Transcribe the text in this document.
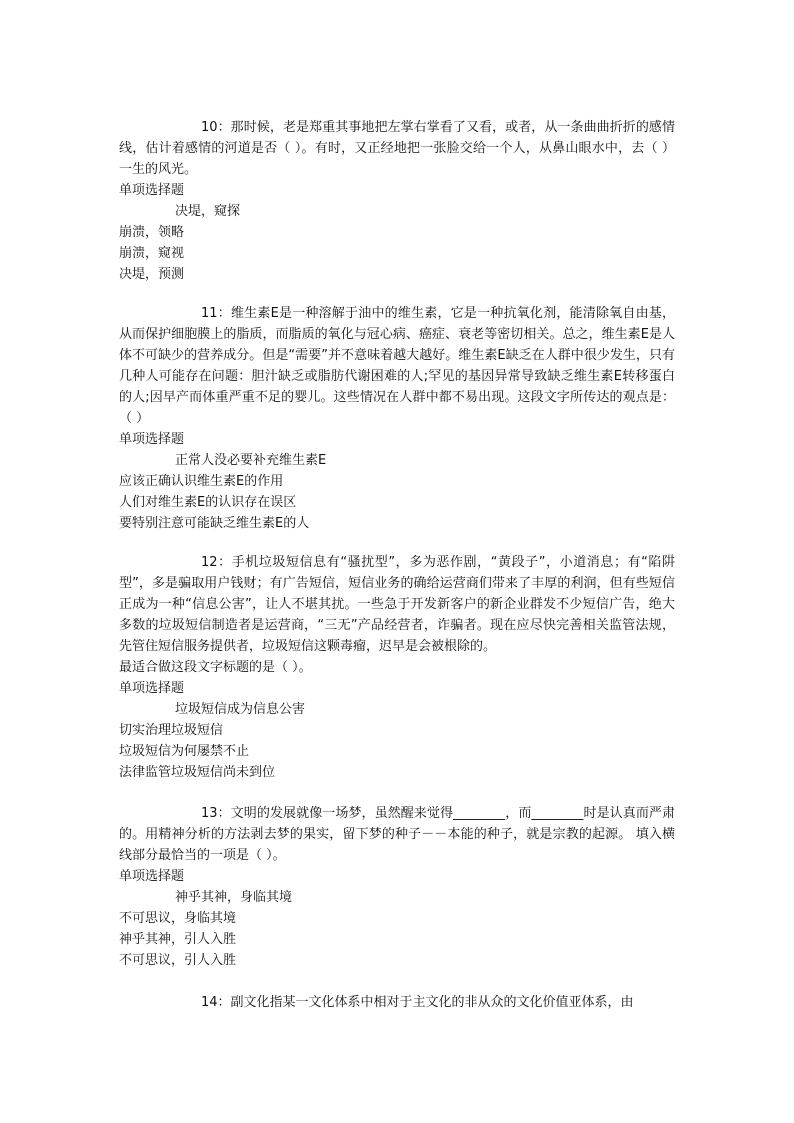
10：那时候，老是郑重其事地把左掌右掌看了又看，或者，从一条曲曲折折的感情线，估计着感情的河道是否（ ）。有时，又正经地把一张脸交给一个人，从鼻山眼水中，去（ ）一生的风光。

单项选择题

决堤，窥探

崩溃，领略

崩溃，窥视

决堤，预测

11：维生素E是一种溶解于油中的维生素，它是一种抗氧化剂，能清除氧自由基，从而保护细胞膜上的脂质，而脂质的氧化与冠心病、癌症、衰老等密切相关。总之，维生素E是人体不可缺少的营养成分。但是“需要”并不意味着越大越好。维生素E缺乏在人群中很少发生，只有几种人可能存在问题：胆汁缺乏或脂肪代谢困难的人;罕见的基因异常导致缺乏维生素E转移蛋白的人;因早产而体重严重不足的婴儿。这些情况在人群中都不易出现。这段文字所传达的观点是：（ ）

单项选择题

正常人没必要补充维生素E

应该正确认识维生素E的作用

人们对维生素E的认识存在误区

要特别注意可能缺乏维生素E的人

12：手机垃圾短信息有“骚扰型”，多为恶作剧，“黄段子”，小道消息；有“陷阱型”，多是骗取用户钱财；有广告短信，短信业务的确给运营商们带来了丰厚的利润，但有些短信正成为一种“信息公害”，让人不堪其扰。一些急于开发新客户的新企业群发不少短信广告，绝大多数的垃圾短信制造者是运营商，“三无”产品经营者，诈骗者。现在应尽快完善相关监管法规，先管住短信服务提供者，垃圾短信这颗毒瘤，迟早是会被根除的。

最适合做这段文字标题的是（ ）。

单项选择题

垃圾短信成为信息公害

切实治理垃圾短信

垃圾短信为何屡禁不止

法律监管垃圾短信尚未到位

13：文明的发展就像一场梦，虽然醒来觉得________，而________时是认真而严肃的。用精神分析的方法剥去梦的果实，留下梦的种子－－本能的种子，就是宗教的起源。 填入横线部分最恰当的一项是（ ）。

单项选择题

神乎其神，身临其境

不可思议，身临其境

神乎其神，引人入胜

不可思议，引人入胜

14：副文化指某一文化体系中相对于主文化的非从众的文化价值亚体系，由
